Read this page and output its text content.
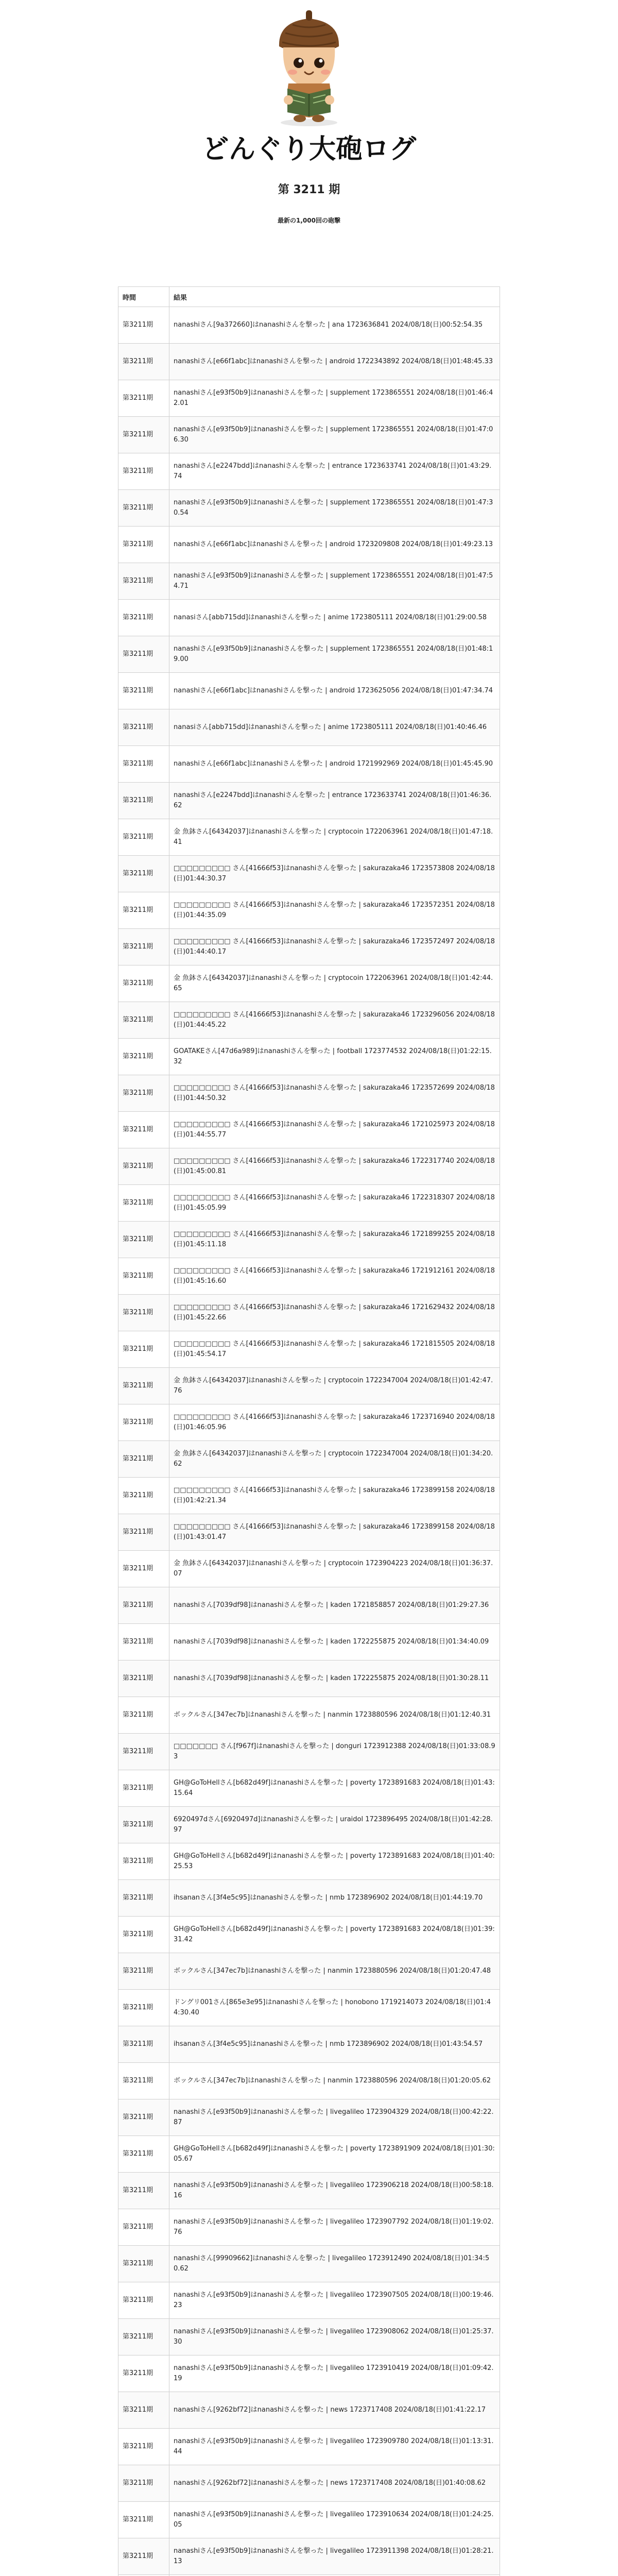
どんぐり大砲ログ
第 3211 期
最新の1,000回の砲撃
時間	結果
第3211期	nanashiさん[9a372660]はnanashiさんを撃った | ana 1723636841 2024/08/18(日)00:52:54.35
第3211期	nanashiさん[e66f1abc]はnanashiさんを撃った | android 1722343892 2024/08/18(日)01:48:45.33
第3211期	nanashiさん[e93f50b9]はnanashiさんを撃った | supplement 1723865551 2024/08/18(日)01:46:42.01
第3211期	nanashiさん[e93f50b9]はnanashiさんを撃った | supplement 1723865551 2024/08/18(日)01:47:06.30
第3211期	nanashiさん[e2247bdd]はnanashiさんを撃った | entrance 1723633741 2024/08/18(日)01:43:29.74
第3211期	nanashiさん[e93f50b9]はnanashiさんを撃った | supplement 1723865551 2024/08/18(日)01:47:30.54
第3211期	nanashiさん[e66f1abc]はnanashiさんを撃った | android 1723209808 2024/08/18(日)01:49:23.13
第3211期	nanashiさん[e93f50b9]はnanashiさんを撃った | supplement 1723865551 2024/08/18(日)01:47:54.71
第3211期	nanasiさん[abb715dd]はnanashiさんを撃った | anime 1723805111 2024/08/18(日)01:29:00.58
第3211期	nanashiさん[e93f50b9]はnanashiさんを撃った | supplement 1723865551 2024/08/18(日)01:48:19.00
第3211期	nanashiさん[e66f1abc]はnanashiさんを撃った | android 1723625056 2024/08/18(日)01:47:34.74
第3211期	nanasiさん[abb715dd]はnanashiさんを撃った | anime 1723805111 2024/08/18(日)01:40:46.46
第3211期	nanashiさん[e66f1abc]はnanashiさんを撃った | android 1721992969 2024/08/18(日)01:45:45.90
第3211期	nanashiさん[e2247bdd]はnanashiさんを撃った | entrance 1723633741 2024/08/18(日)01:46:36.62
第3211期	金 魚鉢さん[64342037]はnanashiさんを撃った | cryptocoin 1722063961 2024/08/18(日)01:47:18.41
第3211期	□□□□□□□□□ さん[41666f53]はnanashiさんを撃った | sakurazaka46 1723573808 2024/08/18(日)01:44:30.37
第3211期	□□□□□□□□□ さん[41666f53]はnanashiさんを撃った | sakurazaka46 1723572351 2024/08/18(日)01:44:35.09
第3211期	□□□□□□□□□ さん[41666f53]はnanashiさんを撃った | sakurazaka46 1723572497 2024/08/18(日)01:44:40.17
第3211期	金 魚鉢さん[64342037]はnanashiさんを撃った | cryptocoin 1722063961 2024/08/18(日)01:42:44.65
第3211期	□□□□□□□□□ さん[41666f53]はnanashiさんを撃った | sakurazaka46 1723296056 2024/08/18(日)01:44:45.22
第3211期	GOATAKEさん[47d6a989]はnanashiさんを撃った | football 1723774532 2024/08/18(日)01:22:15.32
第3211期	□□□□□□□□□ さん[41666f53]はnanashiさんを撃った | sakurazaka46 1723572699 2024/08/18(日)01:44:50.32
第3211期	□□□□□□□□□ さん[41666f53]はnanashiさんを撃った | sakurazaka46 1721025973 2024/08/18(日)01:44:55.77
第3211期	□□□□□□□□□ さん[41666f53]はnanashiさんを撃った | sakurazaka46 1722317740 2024/08/18(日)01:45:00.81
第3211期	□□□□□□□□□ さん[41666f53]はnanashiさんを撃った | sakurazaka46 1722318307 2024/08/18(日)01:45:05.99
第3211期	□□□□□□□□□ さん[41666f53]はnanashiさんを撃った | sakurazaka46 1721899255 2024/08/18(日)01:45:11.18
第3211期	□□□□□□□□□ さん[41666f53]はnanashiさんを撃った | sakurazaka46 1721912161 2024/08/18(日)01:45:16.60
第3211期	□□□□□□□□□ さん[41666f53]はnanashiさんを撃った | sakurazaka46 1721629432 2024/08/18(日)01:45:22.66
第3211期	□□□□□□□□□ さん[41666f53]はnanashiさんを撃った | sakurazaka46 1721815505 2024/08/18(日)01:45:54.17
第3211期	金 魚鉢さん[64342037]はnanashiさんを撃った | cryptocoin 1722347004 2024/08/18(日)01:42:47.76
第3211期	□□□□□□□□□ さん[41666f53]はnanashiさんを撃った | sakurazaka46 1723716940 2024/08/18(日)01:46:05.96
第3211期	金 魚鉢さん[64342037]はnanashiさんを撃った | cryptocoin 1722347004 2024/08/18(日)01:34:20.62
第3211期	□□□□□□□□□ さん[41666f53]はnanashiさんを撃った | sakurazaka46 1723899158 2024/08/18(日)01:42:21.34
第3211期	□□□□□□□□□ さん[41666f53]はnanashiさんを撃った | sakurazaka46 1723899158 2024/08/18(日)01:43:01.47
第3211期	金 魚鉢さん[64342037]はnanashiさんを撃った | cryptocoin 1723904223 2024/08/18(日)01:36:37.07
第3211期	nanashiさん[7039df98]はnanashiさんを撃った | kaden 1721858857 2024/08/18(日)01:29:27.36
第3211期	nanashiさん[7039df98]はnanashiさんを撃った | kaden 1722255875 2024/08/18(日)01:34:40.09
第3211期	nanashiさん[7039df98]はnanashiさんを撃った | kaden 1722255875 2024/08/18(日)01:30:28.11
第3211期	ボックルさん[347ec7b]はnanashiさんを撃った | nanmin 1723880596 2024/08/18(日)01:12:40.31
第3211期	□□□□□□□ さん[f967f]はnanashiさんを撃った | donguri 1723912388 2024/08/18(日)01:33:08.93
第3211期	GH@GoToHellさん[b682d49f]はnanashiさんを撃った | poverty 1723891683 2024/08/18(日)01:43:15.64
第3211期	6920497dさん[6920497d]はnanashiさんを撃った | uraidol 1723896495 2024/08/18(日)01:42:28.97
第3211期	GH@GoToHellさん[b682d49f]はnanashiさんを撃った | poverty 1723891683 2024/08/18(日)01:40:25.53
第3211期	ihsananさん[3f4e5c95]はnanashiさんを撃った | nmb 1723896902 2024/08/18(日)01:44:19.70
第3211期	GH@GoToHellさん[b682d49f]はnanashiさんを撃った | poverty 1723891683 2024/08/18(日)01:39:31.42
第3211期	ボックルさん[347ec7b]はnanashiさんを撃った | nanmin 1723880596 2024/08/18(日)01:20:47.48
第3211期	ドングリ001さん[865e3e95]はnanashiさんを撃った | honobono 1719214073 2024/08/18(日)01:44:30.40
第3211期	ihsananさん[3f4e5c95]はnanashiさんを撃った | nmb 1723896902 2024/08/18(日)01:43:54.57
第3211期	ボックルさん[347ec7b]はnanashiさんを撃った | nanmin 1723880596 2024/08/18(日)01:20:05.62
第3211期	nanashiさん[e93f50b9]はnanashiさんを撃った | livegalileo 1723904329 2024/08/18(日)00:42:22.87
第3211期	GH@GoToHellさん[b682d49f]はnanashiさんを撃った | poverty 1723891909 2024/08/18(日)01:30:05.67
第3211期	nanashiさん[e93f50b9]はnanashiさんを撃った | livegalileo 1723906218 2024/08/18(日)00:58:18.16
第3211期	nanashiさん[e93f50b9]はnanashiさんを撃った | livegalileo 1723907792 2024/08/18(日)01:19:02.76
第3211期	nanashiさん[99909662]はnanashiさんを撃った | livegalileo 1723912490 2024/08/18(日)01:34:50.62
第3211期	nanashiさん[e93f50b9]はnanashiさんを撃った | livegalileo 1723907505 2024/08/18(日)00:19:46.23
第3211期	nanashiさん[e93f50b9]はnanashiさんを撃った | livegalileo 1723908062 2024/08/18(日)01:25:37.30
第3211期	nanashiさん[e93f50b9]はnanashiさんを撃った | livegalileo 1723910419 2024/08/18(日)01:09:42.19
第3211期	nanashiさん[9262bf72]はnanashiさんを撃った | news 1723717408 2024/08/18(日)01:41:22.17
第3211期	nanashiさん[e93f50b9]はnanashiさんを撃った | livegalileo 1723909780 2024/08/18(日)01:13:31.44
第3211期	nanashiさん[9262bf72]はnanashiさんを撃った | news 1723717408 2024/08/18(日)01:40:08.62
第3211期	nanashiさん[e93f50b9]はnanashiさんを撃った | livegalileo 1723910634 2024/08/18(日)01:24:25.05
第3211期	nanashiさん[e93f50b9]はnanashiさんを撃った | livegalileo 1723911398 2024/08/18(日)01:28:21.13
